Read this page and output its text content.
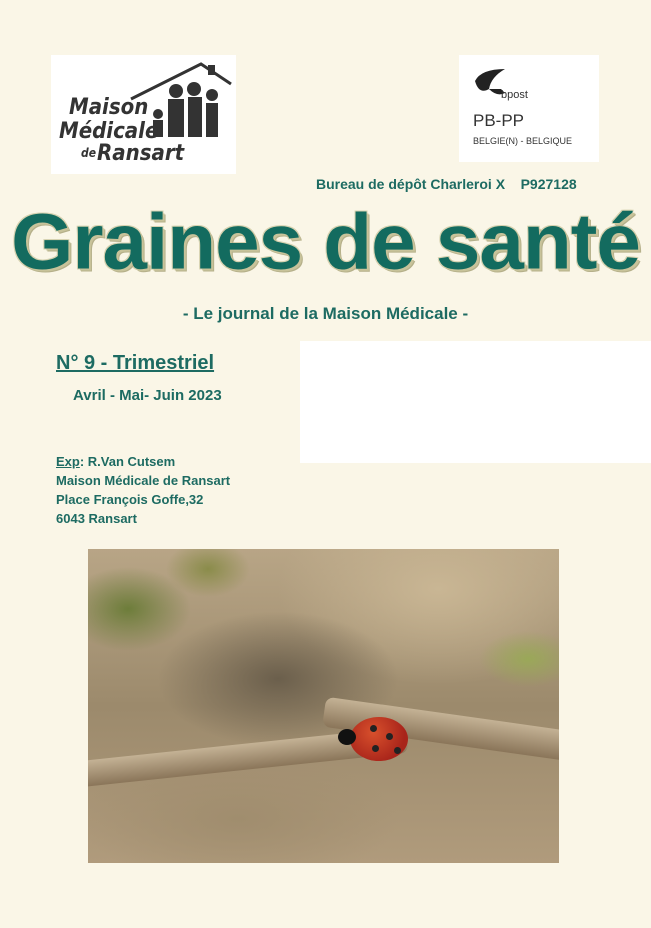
Maison
Médicale
de Ransart
bpost
PB-PP
BELGIE(N) - BELGIQUE
Bureau de dépôt Charleroi X    P927128
Graines de santé
- Le journal de la Maison Médicale -
N° 9 - Trimestriel
Avril - Mai- Juin 2023
Exp: R.Van Cutsem
Maison Médicale de Ransart
Place François Goffe,32
6043 Ransart
